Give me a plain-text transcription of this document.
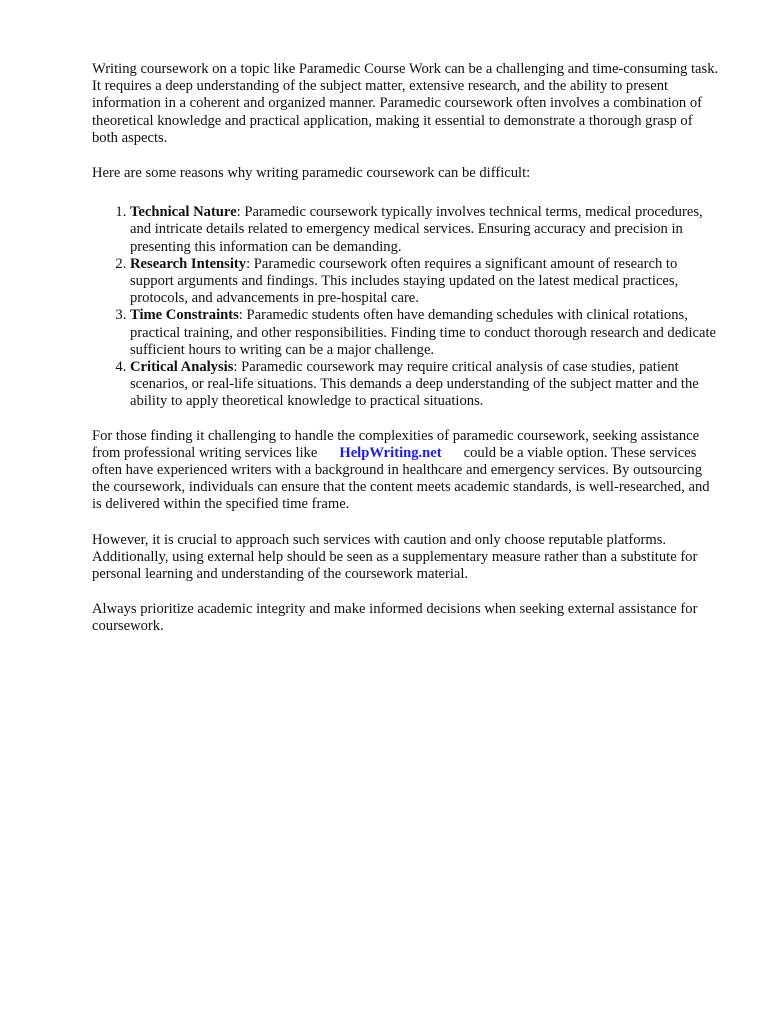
Writing coursework on a topic like Paramedic Course Work can be a challenging and time-consuming task. It requires a deep understanding of the subject matter, extensive research, and the ability to present information in a coherent and organized manner. Paramedic coursework often involves a combination of theoretical knowledge and practical application, making it essential to demonstrate a thorough grasp of both aspects.

Here are some reasons why writing paramedic coursework can be difficult:

1. Technical Nature: Paramedic coursework typically involves technical terms, medical procedures, and intricate details related to emergency medical services. Ensuring accuracy and precision in presenting this information can be demanding.
2. Research Intensity: Paramedic coursework often requires a significant amount of research to support arguments and findings. This includes staying updated on the latest medical practices, protocols, and advancements in pre-hospital care.
3. Time Constraints: Paramedic students often have demanding schedules with clinical rotations, practical training, and other responsibilities. Finding time to conduct thorough research and dedicate sufficient hours to writing can be a major challenge.
4. Critical Analysis: Paramedic coursework may require critical analysis of case studies, patient scenarios, or real-life situations. This demands a deep understanding of the subject matter and the ability to apply theoretical knowledge to practical situations.

For those finding it challenging to handle the complexities of paramedic coursework, seeking assistance from professional writing services like HelpWriting.net could be a viable option. These services often have experienced writers with a background in healthcare and emergency services. By outsourcing the coursework, individuals can ensure that the content meets academic standards, is well-researched, and is delivered within the specified time frame.

However, it is crucial to approach such services with caution and only choose reputable platforms. Additionally, using external help should be seen as a supplementary measure rather than a substitute for personal learning and understanding of the coursework material.

Always prioritize academic integrity and make informed decisions when seeking external assistance for coursework.
